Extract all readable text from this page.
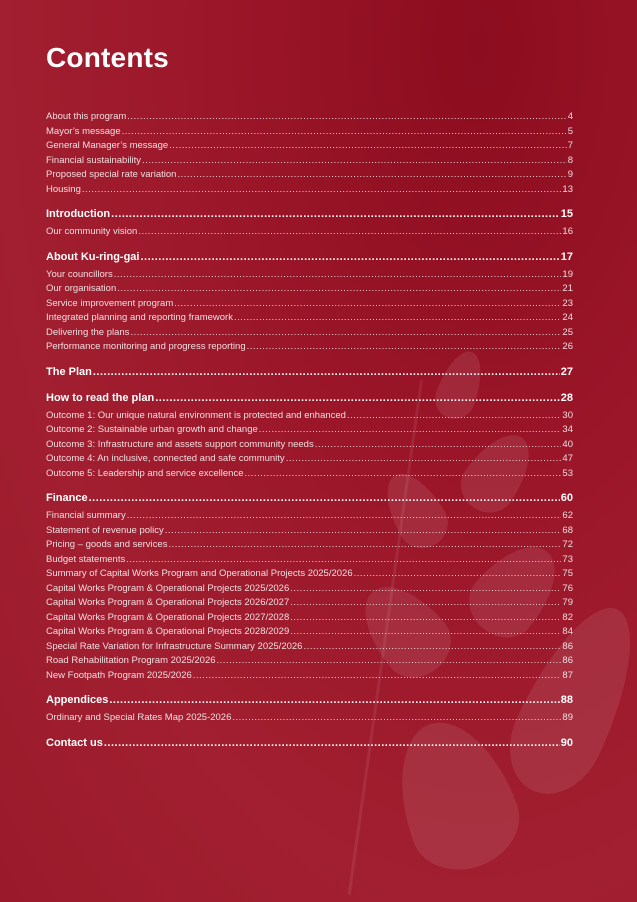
Contents
About this program .....	4
Mayor’s message .....	5
General Manager’s message .....	7
Financial sustainability .....	8
Proposed special rate variation .....	9
Housing .....	13
Introduction .....	15
Our community vision .....	16
About Ku-ring-gai .....	17
Your councillors .....	19
Our organisation .....	21
Service improvement program .....	23
Integrated planning and reporting framework .....	24
Delivering the plans .....	25
Performance monitoring and progress reporting .....	26
The Plan .....	27
How to read the plan .....	28
Outcome 1: Our unique natural environment is protected and enhanced .....	30
Outcome 2: Sustainable urban growth and change .....	34
Outcome 3: Infrastructure and assets support community needs .....	40
Outcome 4: An inclusive, connected and safe community .....	47
Outcome 5: Leadership and service excellence .....	53
Finance .....	60
Financial summary .....	62
Statement of revenue policy .....	68
Pricing – goods and services .....	72
Budget statements .....	73
Summary of Capital Works Program and Operational Projects 2025/2026 .....	75
Capital Works Program & Operational Projects 2025/2026 .....	76
Capital Works Program & Operational Projects 2026/2027 .....	79
Capital Works Program & Operational Projects 2027/2028 .....	82
Capital Works Program & Operational Projects 2028/2029 .....	84
Special Rate Variation for Infrastructure Summary 2025/2026 .....	86
Road Rehabilitation Program 2025/2026 .....	86
New Footpath Program 2025/2026 .....	87
Appendices .....	88
Ordinary and Special Rates Map 2025-2026 .....	89
Contact us .....	90
